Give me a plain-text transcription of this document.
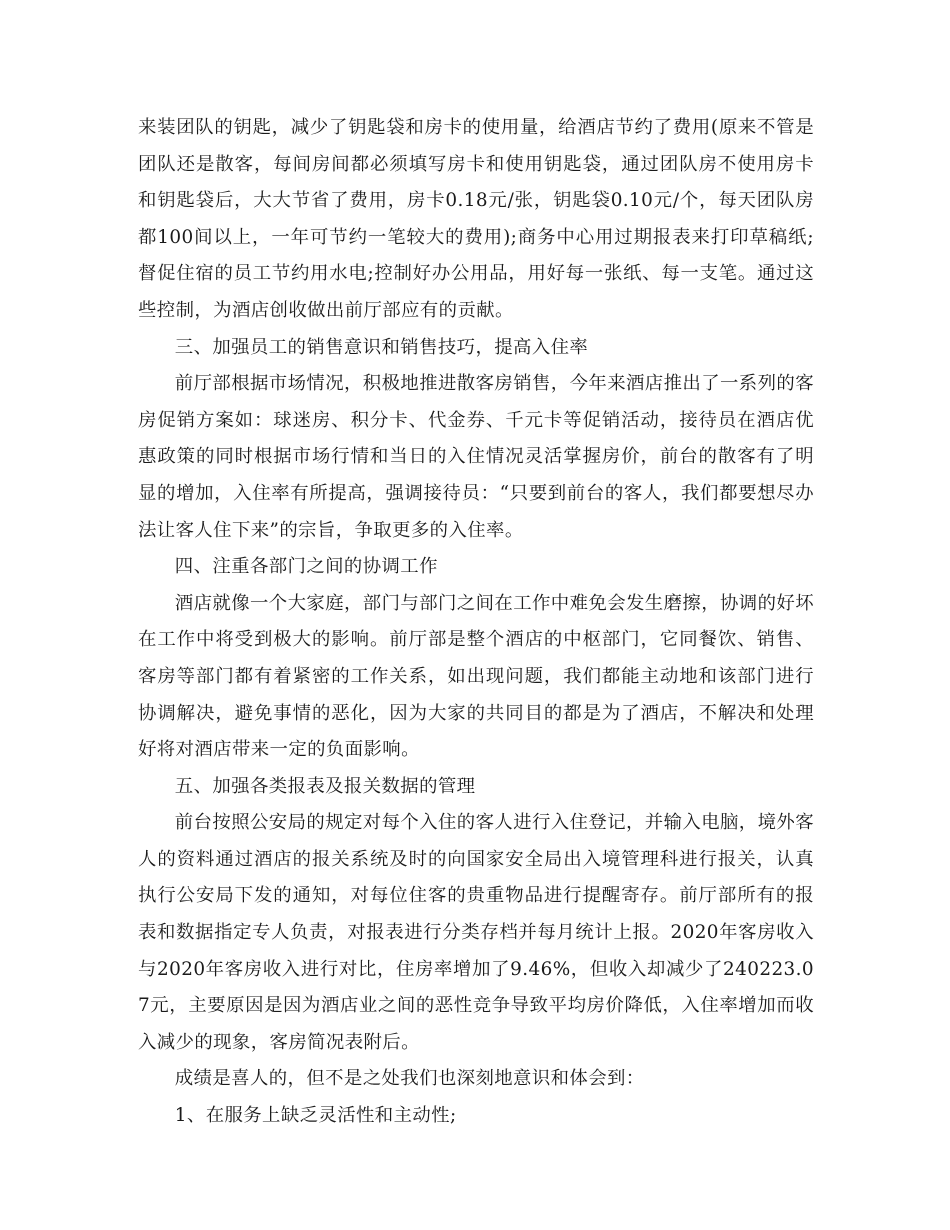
来装团队的钥匙，减少了钥匙袋和房卡的使用量，给酒店节约了费用(原来不管是团队还是散客，每间房间都必须填写房卡和使用钥匙袋，通过团队房不使用房卡和钥匙袋后，大大节省了费用，房卡0.18元/张，钥匙袋0.10元/个，每天团队房都100间以上，一年可节约一笔较大的费用);商务中心用过期报表来打印草稿纸;督促住宿的员工节约用水电;控制好办公用品，用好每一张纸、每一支笔。通过这些控制，为酒店创收做出前厅部应有的贡献。

三、加强员工的销售意识和销售技巧，提高入住率

前厅部根据市场情况，积极地推进散客房销售，今年来酒店推出了一系列的客房促销方案如：球迷房、积分卡、代金券、千元卡等促销活动，接待员在酒店优惠政策的同时根据市场行情和当日的入住情况灵活掌握房价，前台的散客有了明显的增加，入住率有所提高，强调接待员：“只要到前台的客人，我们都要想尽办法让客人住下来”的宗旨，争取更多的入住率。

四、注重各部门之间的协调工作

酒店就像一个大家庭，部门与部门之间在工作中难免会发生磨擦，协调的好坏在工作中将受到极大的影响。前厅部是整个酒店的中枢部门，它同餐饮、销售、客房等部门都有着紧密的工作关系，如出现问题，我们都能主动地和该部门进行协调解决，避免事情的恶化，因为大家的共同目的都是为了酒店，不解决和处理好将对酒店带来一定的负面影响。

五、加强各类报表及报关数据的管理

前台按照公安局的规定对每个入住的客人进行入住登记，并输入电脑，境外客人的资料通过酒店的报关系统及时的向国家安全局出入境管理科进行报关，认真执行公安局下发的通知，对每位住客的贵重物品进行提醒寄存。前厅部所有的报表和数据指定专人负责，对报表进行分类存档并每月统计上报。2020年客房收入与2020年客房收入进行对比，住房率增加了9.46%，但收入却减少了240223.07元，主要原因是因为酒店业之间的恶性竞争导致平均房价降低，入住率增加而收入减少的现象，客房简况表附后。

成绩是喜人的，但不是之处我们也深刻地意识和体会到：

1、在服务上缺乏灵活性和主动性;
